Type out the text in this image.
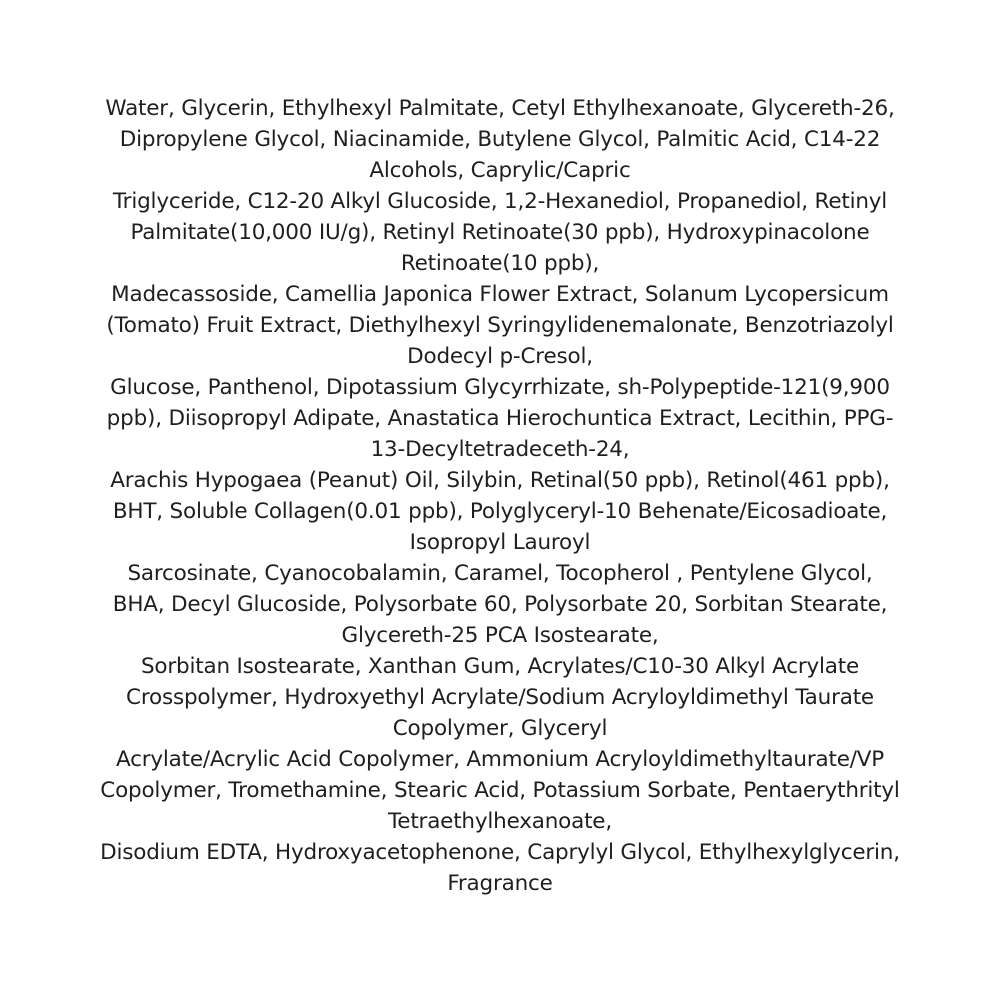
Water, Glycerin, Ethylhexyl Palmitate, Cetyl Ethylhexanoate, Glycereth-26, Dipropylene Glycol, Niacinamide, Butylene Glycol, Palmitic Acid, C14-22 Alcohols, Caprylic/Capric
Triglyceride, C12-20 Alkyl Glucoside, 1,2-Hexanediol, Propanediol, Retinyl Palmitate(10,000 IU/g), Retinyl Retinoate(30 ppb), Hydroxypinacolone Retinoate(10 ppb),
Madecassoside, Camellia Japonica Flower Extract, Solanum Lycopersicum (Tomato) Fruit Extract, Diethylhexyl Syringylidenemalonate, Benzotriazolyl Dodecyl p-Cresol,
Glucose, Panthenol, Dipotassium Glycyrrhizate, sh-Polypeptide-121(9,900 ppb), Diisopropyl Adipate, Anastatica Hierochuntica Extract, Lecithin, PPG-13-Decyltetradeceth-24,
Arachis Hypogaea (Peanut) Oil, Silybin, Retinal(50 ppb), Retinol(461 ppb), BHT, Soluble Collagen(0.01 ppb), Polyglyceryl-10 Behenate/Eicosadioate, Isopropyl Lauroyl
Sarcosinate, Cyanocobalamin, Caramel, Tocopherol , Pentylene Glycol, BHA, Decyl Glucoside, Polysorbate 60, Polysorbate 20, Sorbitan Stearate, Glycereth-25 PCA Isostearate,
Sorbitan Isostearate, Xanthan Gum, Acrylates/C10-30 Alkyl Acrylate Crosspolymer, Hydroxyethyl Acrylate/Sodium Acryloyldimethyl Taurate Copolymer, Glyceryl
Acrylate/Acrylic Acid Copolymer, Ammonium Acryloyldimethyltaurate/VP Copolymer, Tromethamine, Stearic Acid, Potassium Sorbate, Pentaerythrityl Tetraethylhexanoate,
Disodium EDTA, Hydroxyacetophenone, Caprylyl Glycol, Ethylhexylglycerin, Fragrance
